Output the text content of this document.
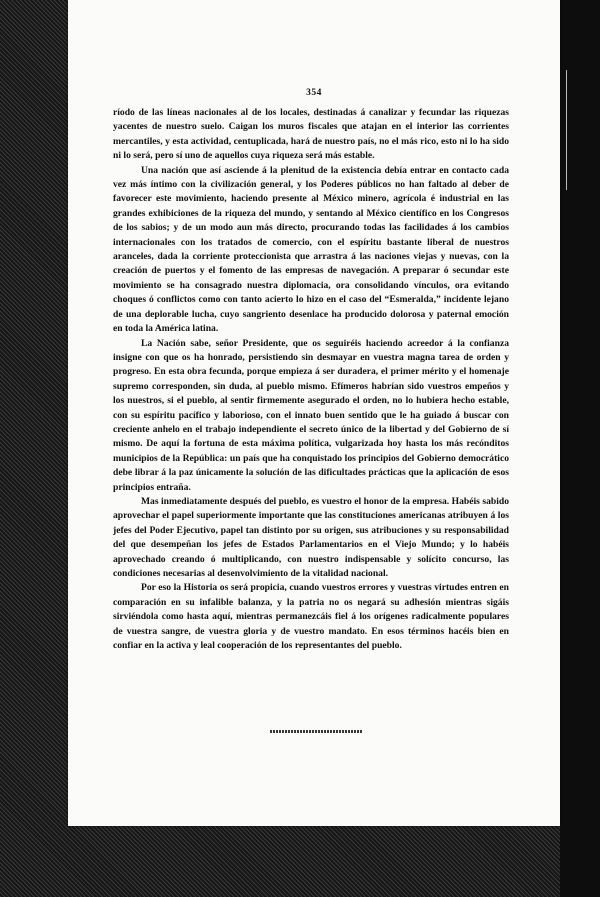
354

ríodo de las líneas nacionales al de los locales, destinadas á canalizar y fecundar las riquezas yacentes de nuestro suelo. Caigan los muros fiscales que atajan en el interior las corrientes mercantiles, y esta actividad, centuplicada, hará de nuestro país, no el más rico, esto ni lo ha sido ni lo será, pero sí uno de aquellos cuya riqueza será más estable.

Una nación que así asciende á la plenitud de la existencia debía entrar en contacto cada vez más íntimo con la civilización general, y los Poderes públicos no han faltado al deber de favorecer este movimiento, haciendo presente al México minero, agrícola é industrial en las grandes exhibiciones de la riqueza del mundo, y sentando al México científico en los Congresos de los sabios; y de un modo aun más directo, procurando todas las facilidades á los cambios internacionales con los tratados de comercio, con el espíritu bastante liberal de nuestros aranceles, dada la corriente proteccionista que arrastra á las naciones viejas y nuevas, con la creación de puertos y el fomento de las empresas de navegación. A preparar ó secundar este movimiento se ha consagrado nuestra diplomacia, ora consolidando vínculos, ora evitando choques ó conflictos como con tanto acierto lo hizo en el caso del “Esmeralda,” incidente lejano de una deplorable lucha, cuyo sangriento desenlace ha producido dolorosa y paternal emoción en toda la América latina.

La Nación sabe, señor Presidente, que os seguiréis haciendo acreedor á la confianza insigne con que os ha honrado, persistiendo sin desmayar en vuestra magna tarea de orden y progreso. En esta obra fecunda, porque empieza á ser duradera, el primer mérito y el homenaje supremo corresponden, sin duda, al pueblo mismo. Efímeros habrían sido vuestros empeños y los nuestros, si el pueblo, al sentir firmemente asegurado el orden, no lo hubiera hecho estable, con su espíritu pacífico y laborioso, con el innato buen sentido que le ha guiado á buscar con creciente anhelo en el trabajo independiente el secreto único de la libertad y del Gobierno de sí mismo. De aquí la fortuna de esta máxima política, vulgarizada hoy hasta los más recónditos municipios de la República: un país que ha conquistado los principios del Gobierno democrático debe librar á la paz únicamente la solución de las dificultades prácticas que la aplicación de esos principios entraña.

Mas inmediatamente después del pueblo, es vuestro el honor de la empresa. Habéis sabido aprovechar el papel superiormente importante que las constituciones americanas atribuyen á los jefes del Poder Ejecutivo, papel tan distinto por su origen, sus atribuciones y su responsabilidad del que desempeñan los jefes de Estados Parlamentarios en el Viejo Mundo; y lo habéis aprovechado creando ó multiplicando, con nuestro indispensable y solícito concurso, las condiciones necesarias al desenvolvimiento de la vitalidad nacional.

Por eso la Historia os será propicia, cuando vuestros errores y vuestras virtudes entren en comparación en su infalible balanza, y la patria no os negará su adhesión mientras sigáis sirviéndola como hasta aquí, mientras permanezcáis fiel á los orígenes radicalmente populares de vuestra sangre, de vuestra gloria y de vuestro mandato. En esos términos hacéis bien en confiar en la activa y leal cooperación de los representantes del pueblo.
